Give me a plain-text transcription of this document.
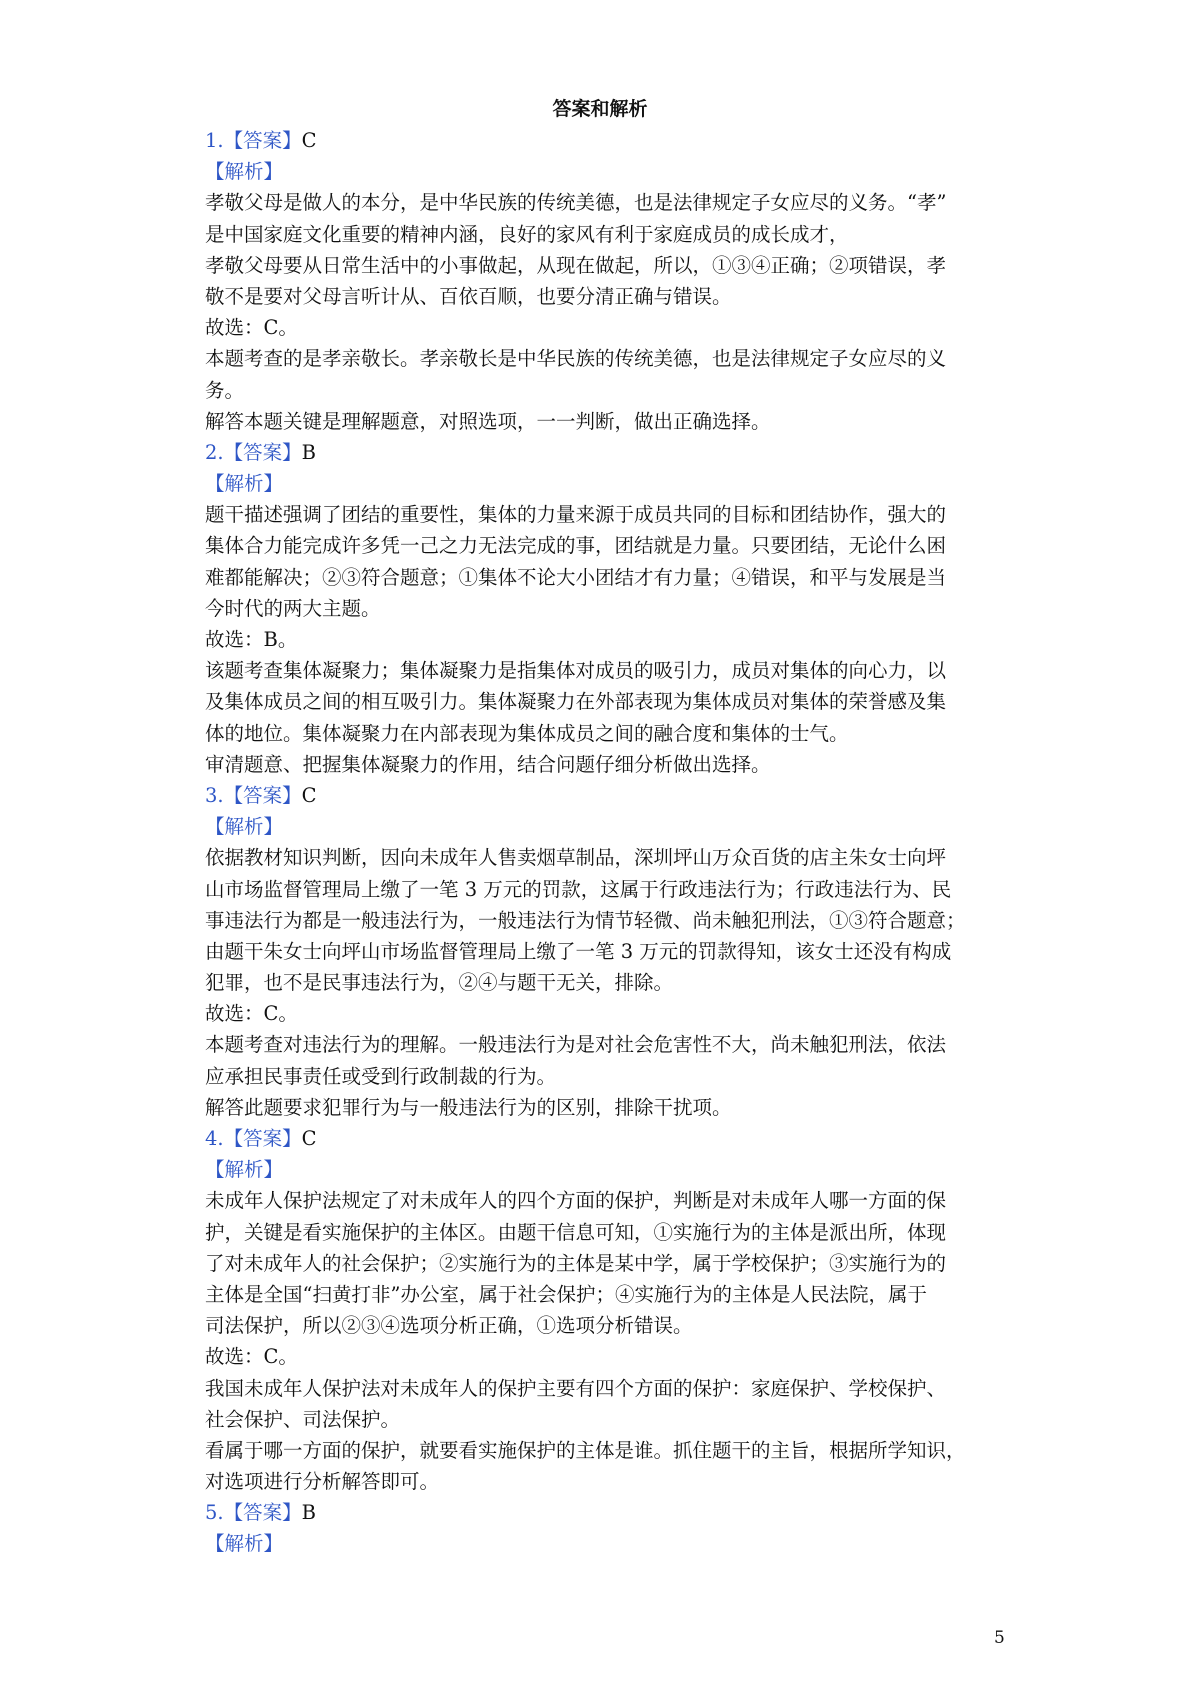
答案和解析
1.【答案】C
【解析】
孝敬父母是做人的本分，是中华民族的传统美德，也是法律规定子女应尽的义务。“孝”
是中国家庭文化重要的精神内涵，良好的家风有利于家庭成员的成长成才，
孝敬父母要从日常生活中的小事做起，从现在做起，所以，①③④正确；②项错误，孝
敬不是要对父母言听计从、百依百顺，也要分清正确与错误。
故选：C。
本题考查的是孝亲敬长。孝亲敬长是中华民族的传统美德，也是法律规定子女应尽的义
务。
解答本题关键是理解题意，对照选项，一一判断，做出正确选择。
2.【答案】B
【解析】
题干描述强调了团结的重要性，集体的力量来源于成员共同的目标和团结协作，强大的
集体合力能完成许多凭一己之力无法完成的事，团结就是力量。只要团结，无论什么困
难都能解决；②③符合题意；①集体不论大小团结才有力量；④错误，和平与发展是当
今时代的两大主题。
故选：B。
该题考查集体凝聚力；集体凝聚力是指集体对成员的吸引力，成员对集体的向心力，以
及集体成员之间的相互吸引力。集体凝聚力在外部表现为集体成员对集体的荣誉感及集
体的地位。集体凝聚力在内部表现为集体成员之间的融合度和集体的士气。
审清题意、把握集体凝聚力的作用，结合问题仔细分析做出选择。
3.【答案】C
【解析】
依据教材知识判断，因向未成年人售卖烟草制品，深圳坪山万众百货的店主朱女士向坪
山市场监督管理局上缴了一笔 3 万元的罚款，这属于行政违法行为；行政违法行为、民
事违法行为都是一般违法行为，一般违法行为情节轻微、尚未触犯刑法，①③符合题意；
由题干朱女士向坪山市场监督管理局上缴了一笔 3 万元的罚款得知，该女士还没有构成
犯罪，也不是民事违法行为，②④与题干无关，排除。
故选：C。
本题考查对违法行为的理解。一般违法行为是对社会危害性不大，尚未触犯刑法，依法
应承担民事责任或受到行政制裁的行为。
解答此题要求犯罪行为与一般违法行为的区别，排除干扰项。
4.【答案】C
【解析】
未成年人保护法规定了对未成年人的四个方面的保护，判断是对未成年人哪一方面的保
护，关键是看实施保护的主体区。由题干信息可知，①实施行为的主体是派出所，体现
了对未成年人的社会保护；②实施行为的主体是某中学，属于学校保护；③实施行为的
主体是全国“扫黄打非”办公室，属于社会保护；④实施行为的主体是人民法院，属于
司法保护，所以②③④选项分析正确，①选项分析错误。
故选：C。
我国未成年人保护法对未成年人的保护主要有四个方面的保护：家庭保护、学校保护、
社会保护、司法保护。
看属于哪一方面的保护，就要看实施保护的主体是谁。抓住题干的主旨，根据所学知识，
对选项进行分析解答即可。
5.【答案】B
【解析】
5
